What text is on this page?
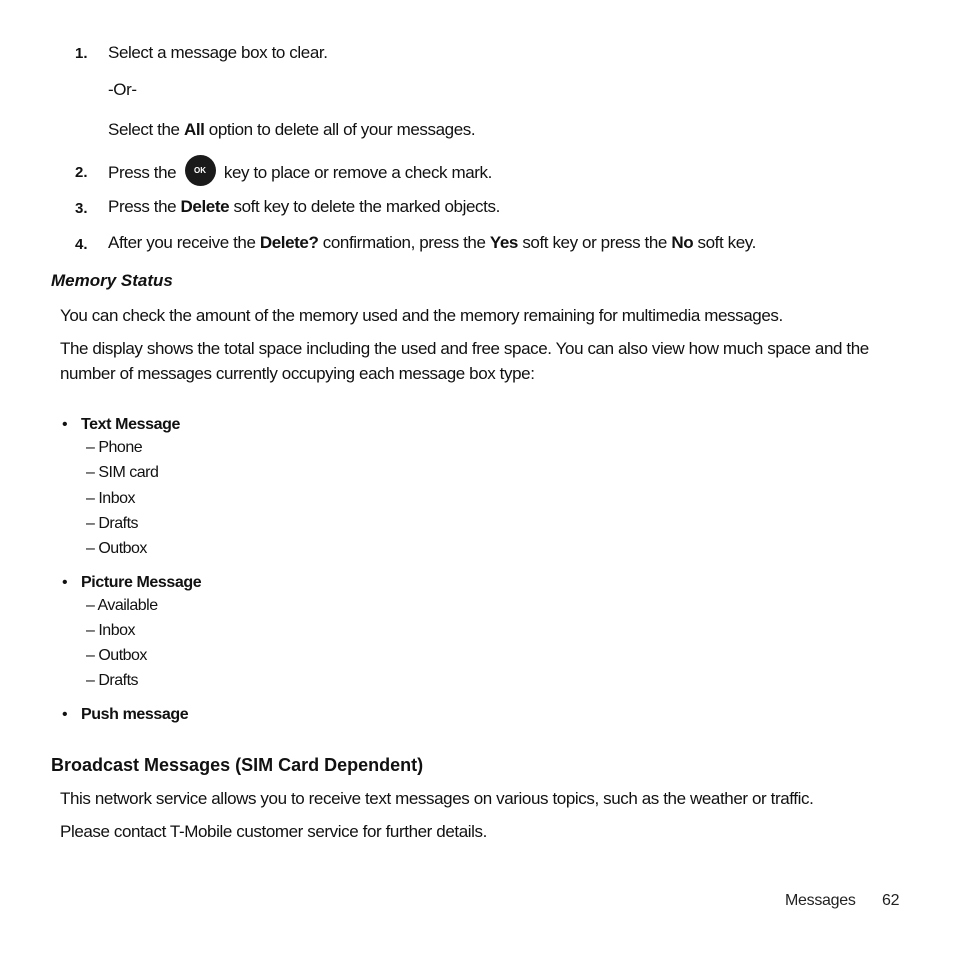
1. Select a message box to clear.
-Or-
Select the All option to delete all of your messages.
2. Press the OK key to place or remove a check mark.
3. Press the Delete soft key to delete the marked objects.
4. After you receive the Delete? confirmation, press the Yes soft key or press the No soft key.
Memory Status
You can check the amount of the memory used and the memory remaining for multimedia messages.
The display shows the total space including the used and free space. You can also view how much space and the
number of messages currently occupying each message box type:
• Text Message
– Phone
– SIM card
– Inbox
– Drafts
– Outbox
• Picture Message
– Available
– Inbox
– Outbox
– Drafts
• Push message
Broadcast Messages (SIM Card Dependent)
This network service allows you to receive text messages on various topics, such as the weather or traffic.
Please contact T-Mobile customer service for further details.
Messages 62
